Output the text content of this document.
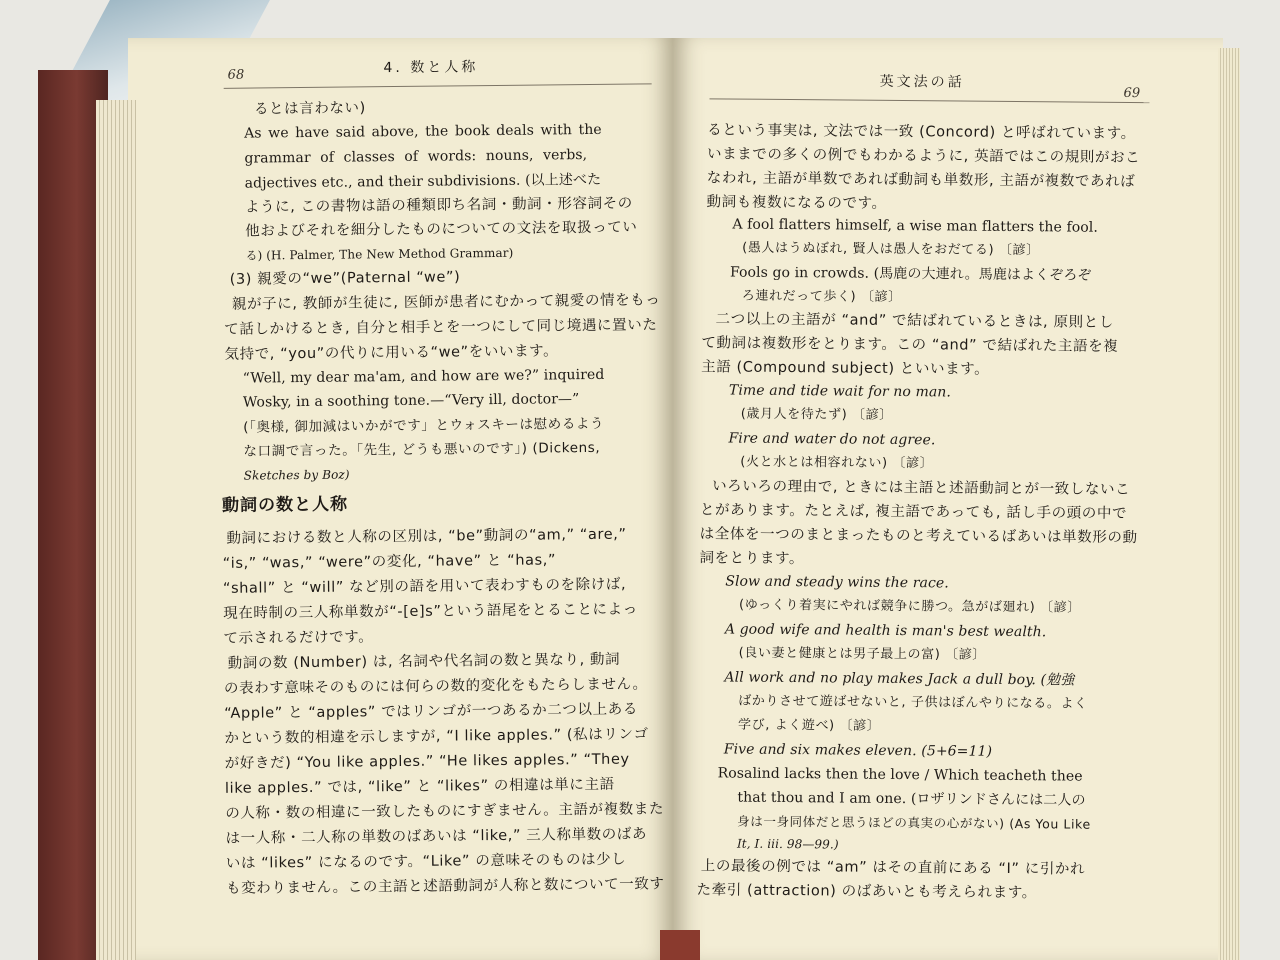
68	4. 数と人称
るとは言わない)
As we have said above, the book deals with the
grammar of classes of words: nouns, verbs,
adjectives etc., and their subdivisions. (以上述べた
ように, この書物は語の種類即ち名詞・動詞・形容詞その
他およびそれを細分したものについての文法を取扱ってい
る) (H. Palmer, The New Method Grammar)
(3) 親愛の“we”(Paternal “we”)
親が子に, 教師が生徒に, 医師が患者にむかって親愛の情をもっ
て話しかけるとき, 自分と相手とを一つにして同じ境遇に置いた
気持で, “you”の代りに用いる“we”をいいます。
“Well, my dear ma'am, and how are we?” inquired
Wosky, in a soothing tone.—“Very ill, doctor—”
(「奥様, 御加減はいかがです」とウォスキーは慰めるよう
な口調で言った。「先生, どうも悪いのです」) (Dickens,
Sketches by Boz)
動詞の数と人称
動詞における数と人称の区別は, “be”動詞の“am,” “are,”
“is,” “was,” “were”の変化, “have” と “has,”
“shall” と “will” など別の語を用いて表わすものを除けば,
現在時制の三人称単数が“-[e]s”という語尾をとることによっ
て示されるだけです。
動詞の数 (Number) は, 名詞や代名詞の数と異なり, 動詞
の表わす意味そのものには何らの数的変化をもたらしません。
“Apple” と “apples” ではリンゴが一つあるか二つ以上ある
かという数的相違を示しますが, “I like apples.” (私はリンゴ
が好きだ) “You like apples.” “He likes apples.” “They
like apples.” では, “like” と “likes” の相違は単に主語
の人称・数の相違に一致したものにすぎません。主語が複数また
は一人称・二人称の単数のばあいは “like,” 三人称単数のばあ
いは “likes” になるのです。“Like” の意味そのものは少し
も変わりません。この主語と述語動詞が人称と数について一致す
英文法の話
69
るという事実は, 文法では一致 (Concord) と呼ばれています。
いままでの多くの例でもわかるように, 英語ではこの規則がおこ
なわれ, 主語が単数であれば動詞も単数形, 主語が複数であれば
動詞も複数になるのです。
A fool flatters himself, a wise man flatters the fool.
(愚人はうぬぼれ, 賢人は愚人をおだてる) 〔諺〕
Fools go in crowds. (馬鹿の大連れ。馬鹿はよくぞろぞ
ろ連れだって歩く) 〔諺〕
二つ以上の主語が “and” で結ばれているときは, 原則とし
て動詞は複数形をとります。この “and” で結ばれた主語を複
主語 (Compound subject) といいます。
Time and tide wait for no man.
(歳月人を待たず) 〔諺〕
Fire and water do not agree.
(火と水とは相容れない) 〔諺〕
いろいろの理由で, ときには主語と述語動詞とが一致しないこ
とがあります。たとえば, 複主語であっても, 話し手の頭の中で
は全体を一つのまとまったものと考えているばあいは単数形の動
詞をとります。
Slow and steady wins the race.
(ゆっくり着実にやれば競争に勝つ。急がば廻れ) 〔諺〕
A good wife and health is man's best wealth.
(良い妻と健康とは男子最上の富) 〔諺〕
All work and no play makes Jack a dull boy. (勉強
ばかりさせて遊ばせないと, 子供はぼんやりになる。よく
学び, よく遊べ) 〔諺〕
Five and six makes eleven. (5+6=11)
Rosalind lacks then the love / Which teacheth thee
that thou and I am one. (ロザリンドさんには二人の
身は一身同体だと思うほどの真実の心がない) (As You Like
It, I. iii. 98—99.)
上の最後の例では “am” はその直前にある “I” に引かれ
た牽引 (attraction) のばあいとも考えられます。
